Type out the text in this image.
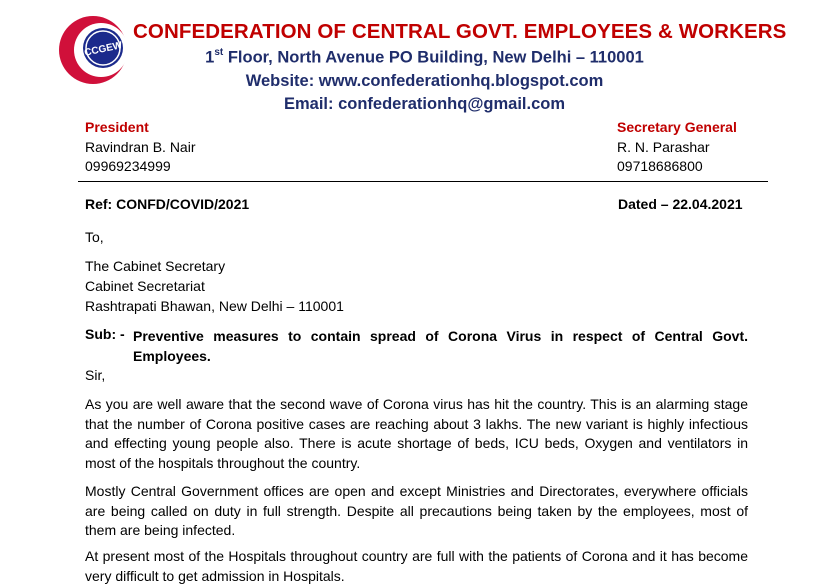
CCGEW
CONFEDERATION OF CENTRAL GOVT. EMPLOYEES & WORKERS
1st Floor, North Avenue PO Building, New Delhi – 110001
Website: www.confederationhq.blogspot.com
Email: confederationhq@gmail.com
President
Ravindran B. Nair
09969234999
Secretary General
R. N. Parashar
09718686800
Ref: CONFD/COVID/2021	Dated – 22.04.2021
To,
The Cabinet Secretary
Cabinet Secretariat
Rashtrapati Bhawan, New Delhi – 110001
Sub: - Preventive measures to contain spread of Corona Virus in respect of Central Govt. Employees.
Sir,

As you are well aware that the second wave of Corona virus has hit the country. This is an alarming stage that the number of Corona positive cases are reaching about 3 lakhs. The new variant is highly infectious and effecting young people also. There is acute shortage of beds, ICU beds, Oxygen and ventilators in most of the hospitals throughout the country.

Mostly Central Government offices are open and except Ministries and Directorates, everywhere officials are being called on duty in full strength. Despite all precautions being taken by the employees, most of them are being infected.

At present most of the Hospitals throughout country are full with the patients of Corona and it has become very difficult to get admission in Hospitals.
